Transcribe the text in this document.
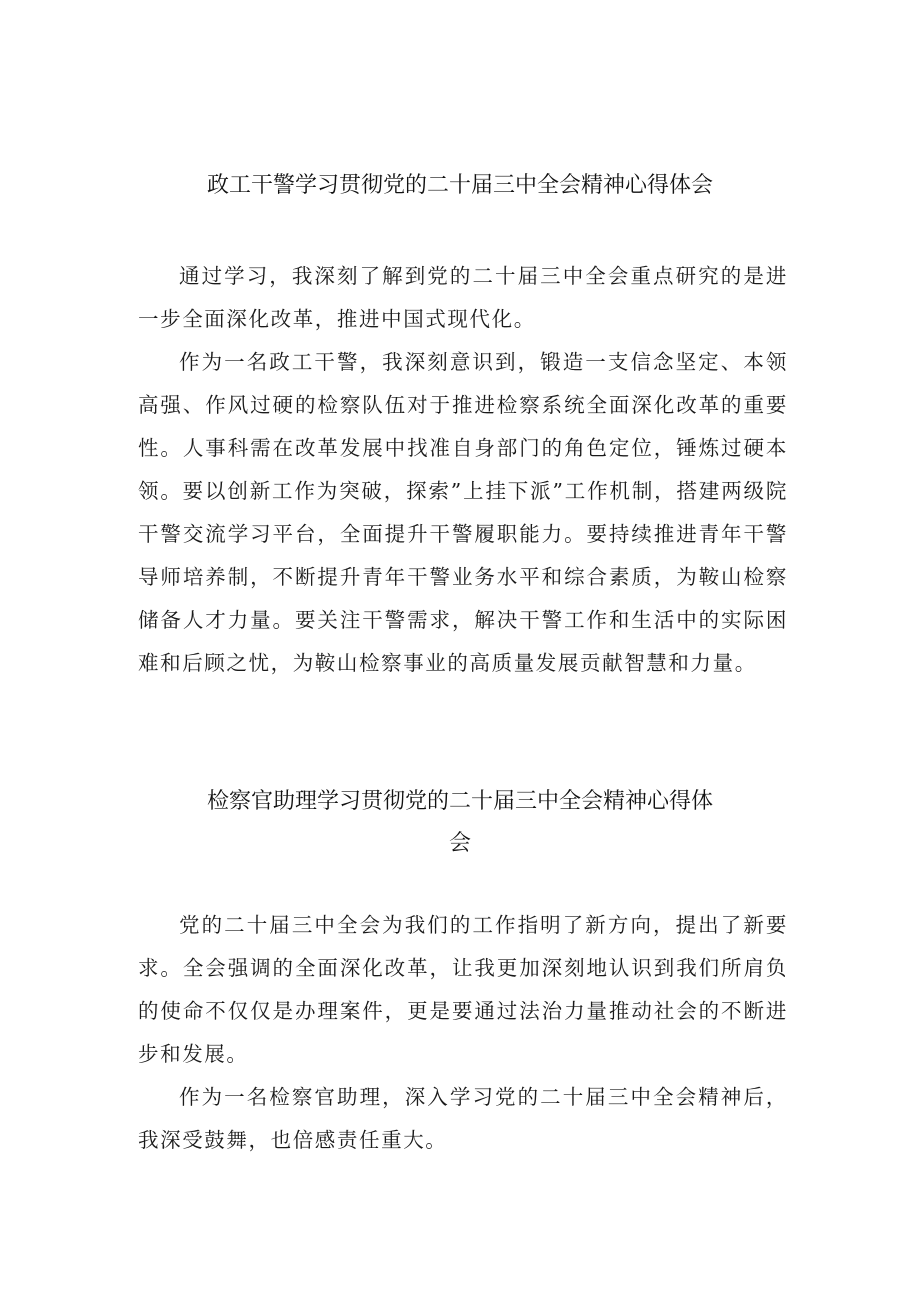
政工干警学习贯彻党的二十届三中全会精神心得体会

通过学习，我深刻了解到党的二十届三中全会重点研究的是进一步全面深化改革，推进中国式现代化。

作为一名政工干警，我深刻意识到，锻造一支信念坚定、本领高强、作风过硬的检察队伍对于推进检察系统全面深化改革的重要性。人事科需在改革发展中找准自身部门的角色定位，锤炼过硬本领。要以创新工作为突破，探索”上挂下派”工作机制，搭建两级院干警交流学习平台，全面提升干警履职能力。要持续推进青年干警导师培养制，不断提升青年干警业务水平和综合素质，为鞍山检察储备人才力量。要关注干警需求，解决干警工作和生活中的实际困难和后顾之忧，为鞍山检察事业的高质量发展贡献智慧和力量。

检察官助理学习贯彻党的二十届三中全会精神心得体
会

党的二十届三中全会为我们的工作指明了新方向，提出了新要求。全会强调的全面深化改革，让我更加深刻地认识到我们所肩负的使命不仅仅是办理案件，更是要通过法治力量推动社会的不断进步和发展。

作为一名检察官助理，深入学习党的二十届三中全会精神后，我深受鼓舞，也倍感责任重大。
